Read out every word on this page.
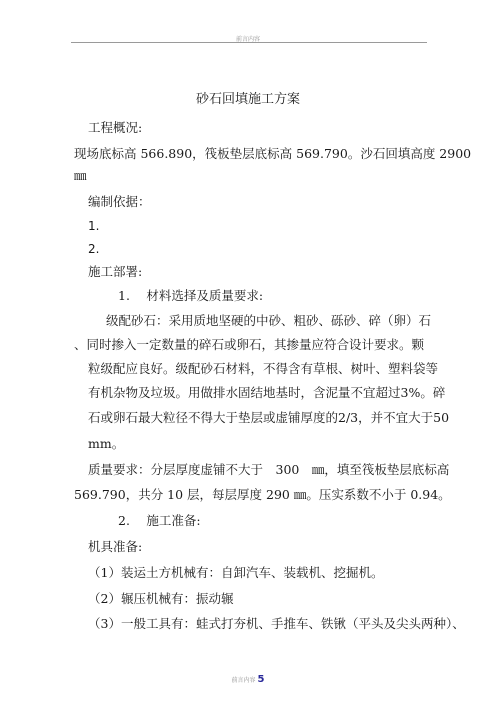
前言内容
砂石回填施工方案
工程概况:
现场底标高 566.890，筏板垫层底标高 569.790。沙石回填高度 2900
㎜
编制依据：
1.
2.
施工部署:
1.　 材料选择及质量要求:
级配砂石：采用质地坚硬的中砂、粗砂、砾砂、碎（卵）石
、同时掺入一定数量的碎石或卵石，其掺量应符合设计要求。颗
粒级配应良好。级配砂石材料，不得含有草根、树叶、塑料袋等
有机杂物及垃圾。用做排水固结地基时，含泥量不宜超过3%。碎
石或卵石最大粒径不得大于垫层或虚铺厚度的2/3，并不宜大于50
mm。
质量要求：分层厚度虚铺不大于　300　㎜，填至筏板垫层底标高
569.790，共分 10 层，每层厚度 290 ㎜。压实系数不小于 0.94。
2.　 施工准备:
机具准备:
（1）装运土方机械有：自卸汽车、装载机、挖掘机。
（2）辗压机械有：振动辗
（3）一般工具有：蛙式打夯机、手推车、铁锹（平头及尖头两种）、
前言内容 5
